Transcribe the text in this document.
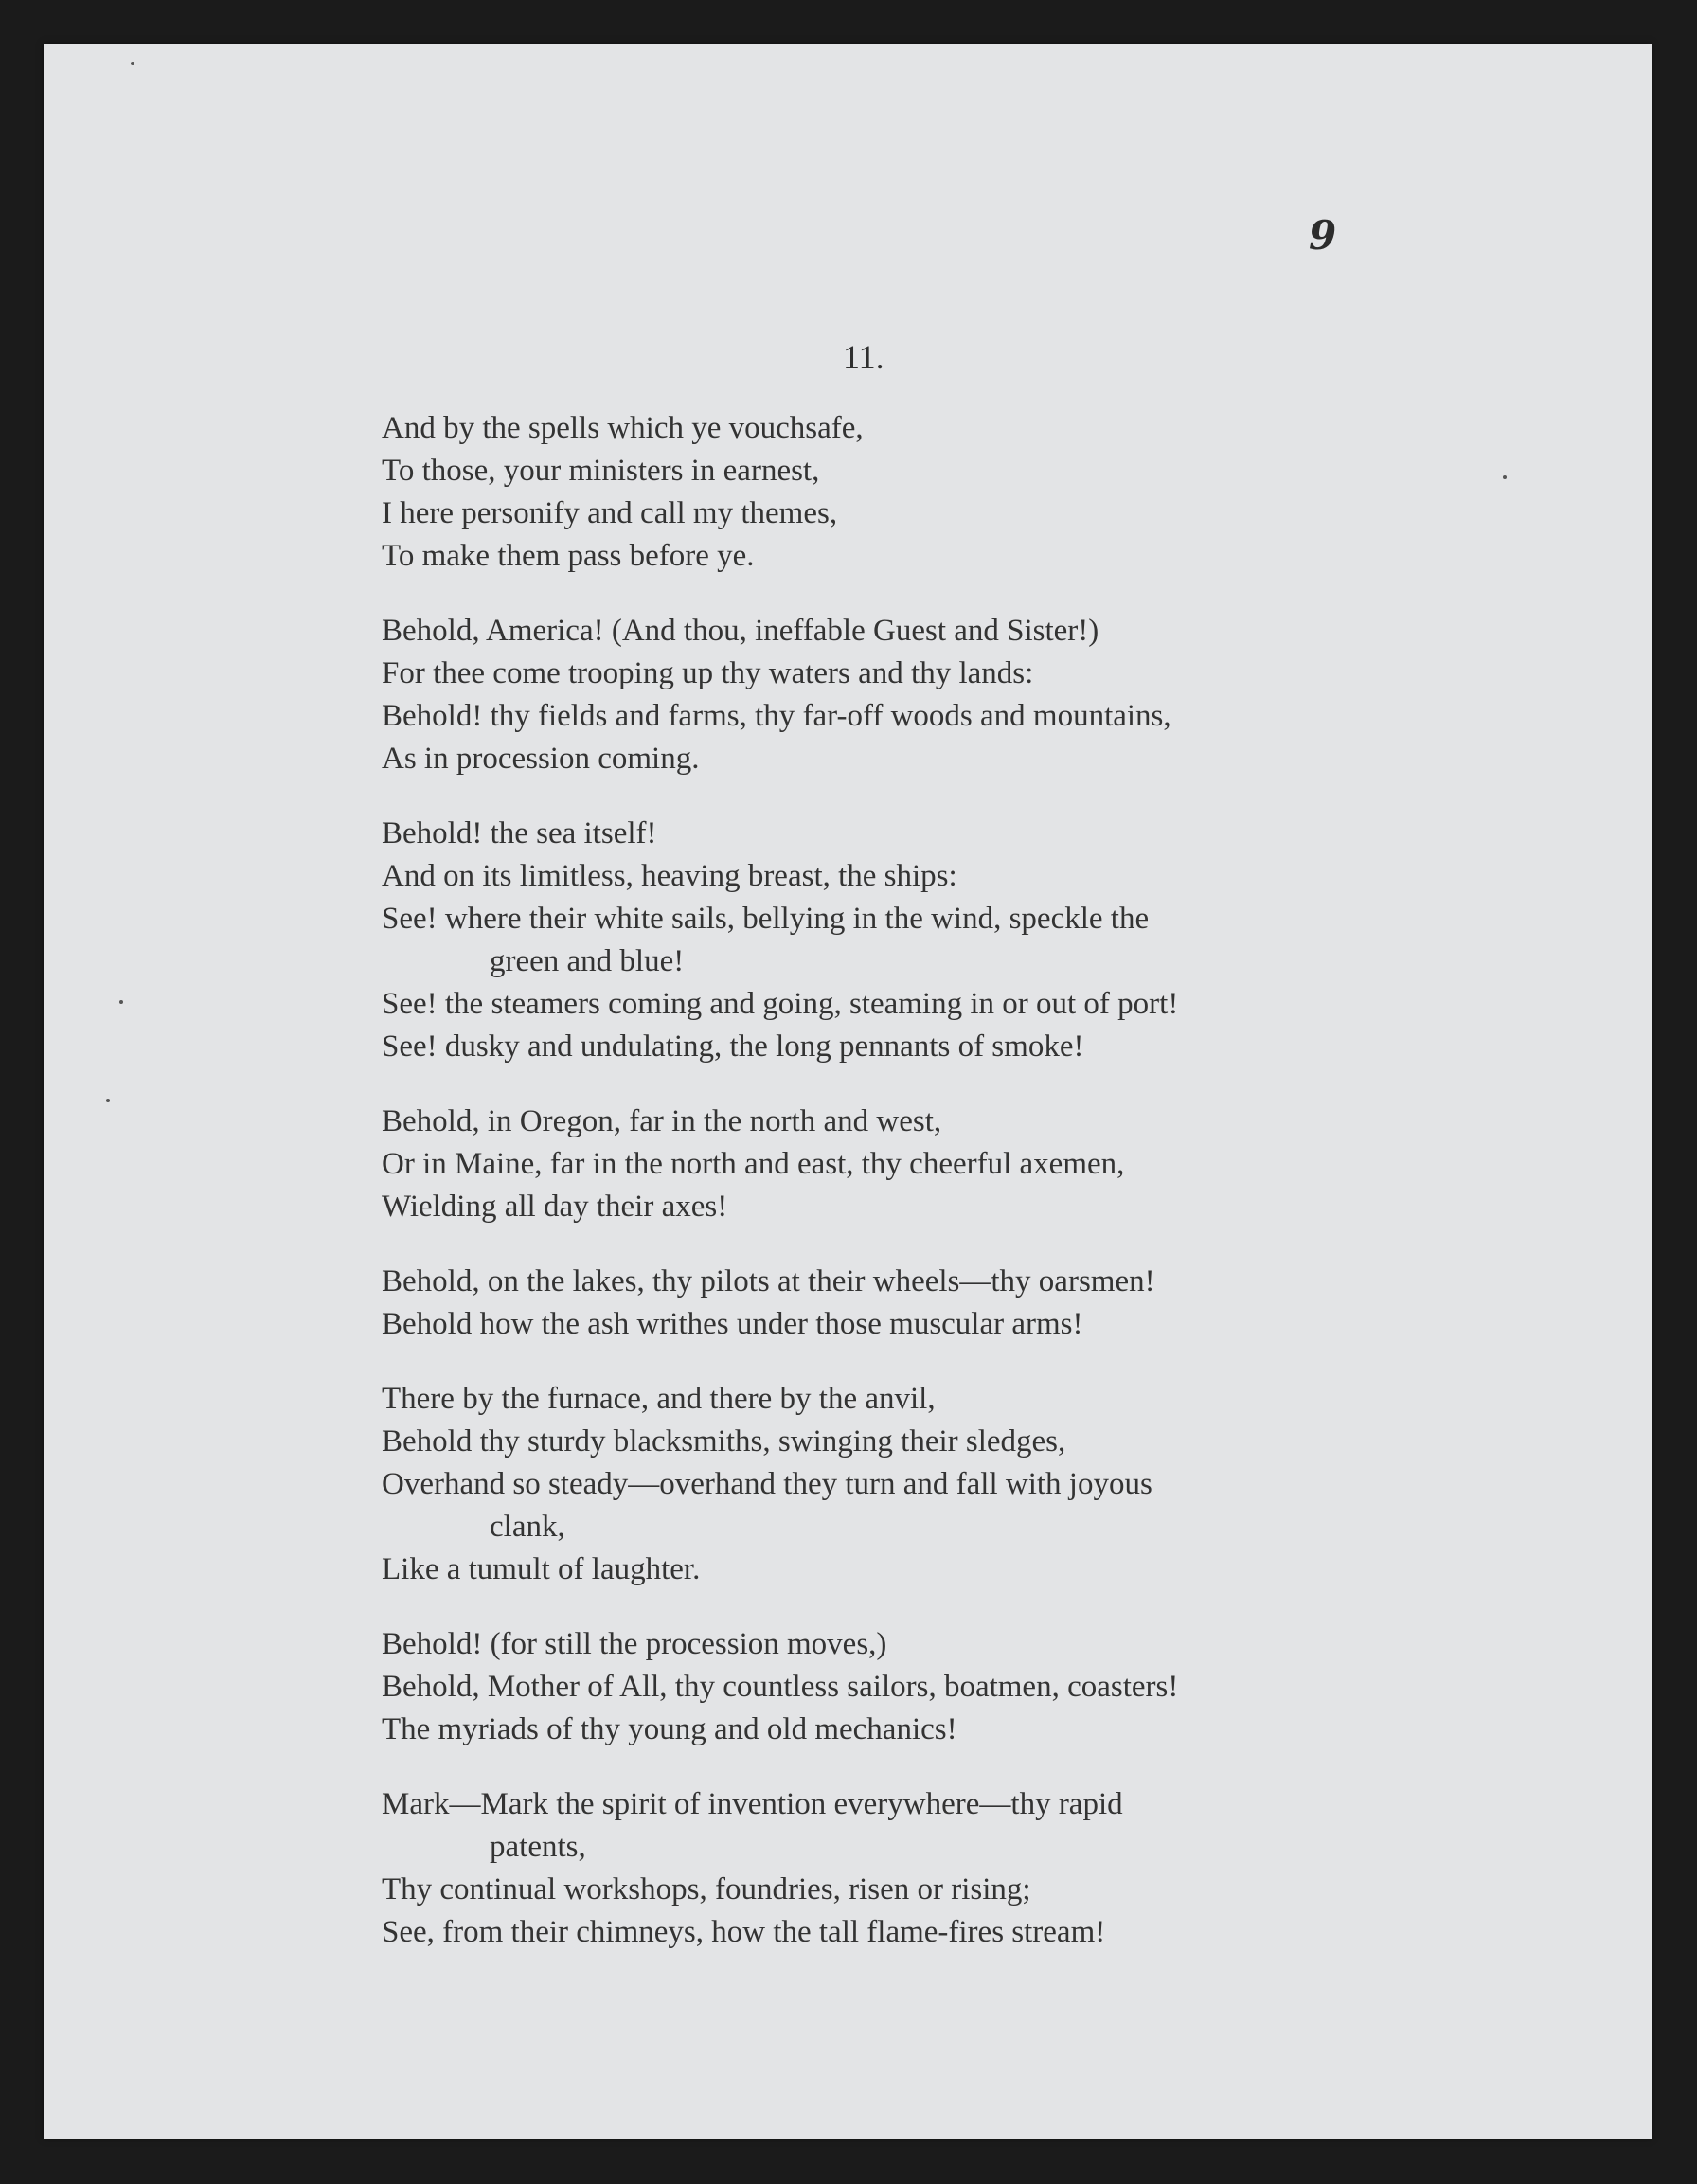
9
11.
And by the spells which ye vouchsafe,
To those, your ministers in earnest,
I here personify and call my themes,
To make them pass before ye.
Behold, America! (And thou, ineffable Guest and Sister!)
For thee come trooping up thy waters and thy lands:
Behold! thy fields and farms, thy far-off woods and mountains,
As in procession coming.
Behold! the sea itself!
And on its limitless, heaving breast, the ships:
See! where their white sails, bellying in the wind, speckle the
green and blue!
See! the steamers coming and going, steaming in or out of port!
See! dusky and undulating, the long pennants of smoke!
Behold, in Oregon, far in the north and west,
Or in Maine, far in the north and east, thy cheerful axemen,
Wielding all day their axes!
Behold, on the lakes, thy pilots at their wheels—thy oarsmen!
Behold how the ash writhes under those muscular arms!
There by the furnace, and there by the anvil,
Behold thy sturdy blacksmiths, swinging their sledges,
Overhand so steady—overhand they turn and fall with joyous
clank,
Like a tumult of laughter.
Behold! (for still the procession moves,)
Behold, Mother of All, thy countless sailors, boatmen, coasters!
The myriads of thy young and old mechanics!
Mark—Mark the spirit of invention everywhere—thy rapid
patents,
Thy continual workshops, foundries, risen or rising;
See, from their chimneys, how the tall flame-fires stream!
